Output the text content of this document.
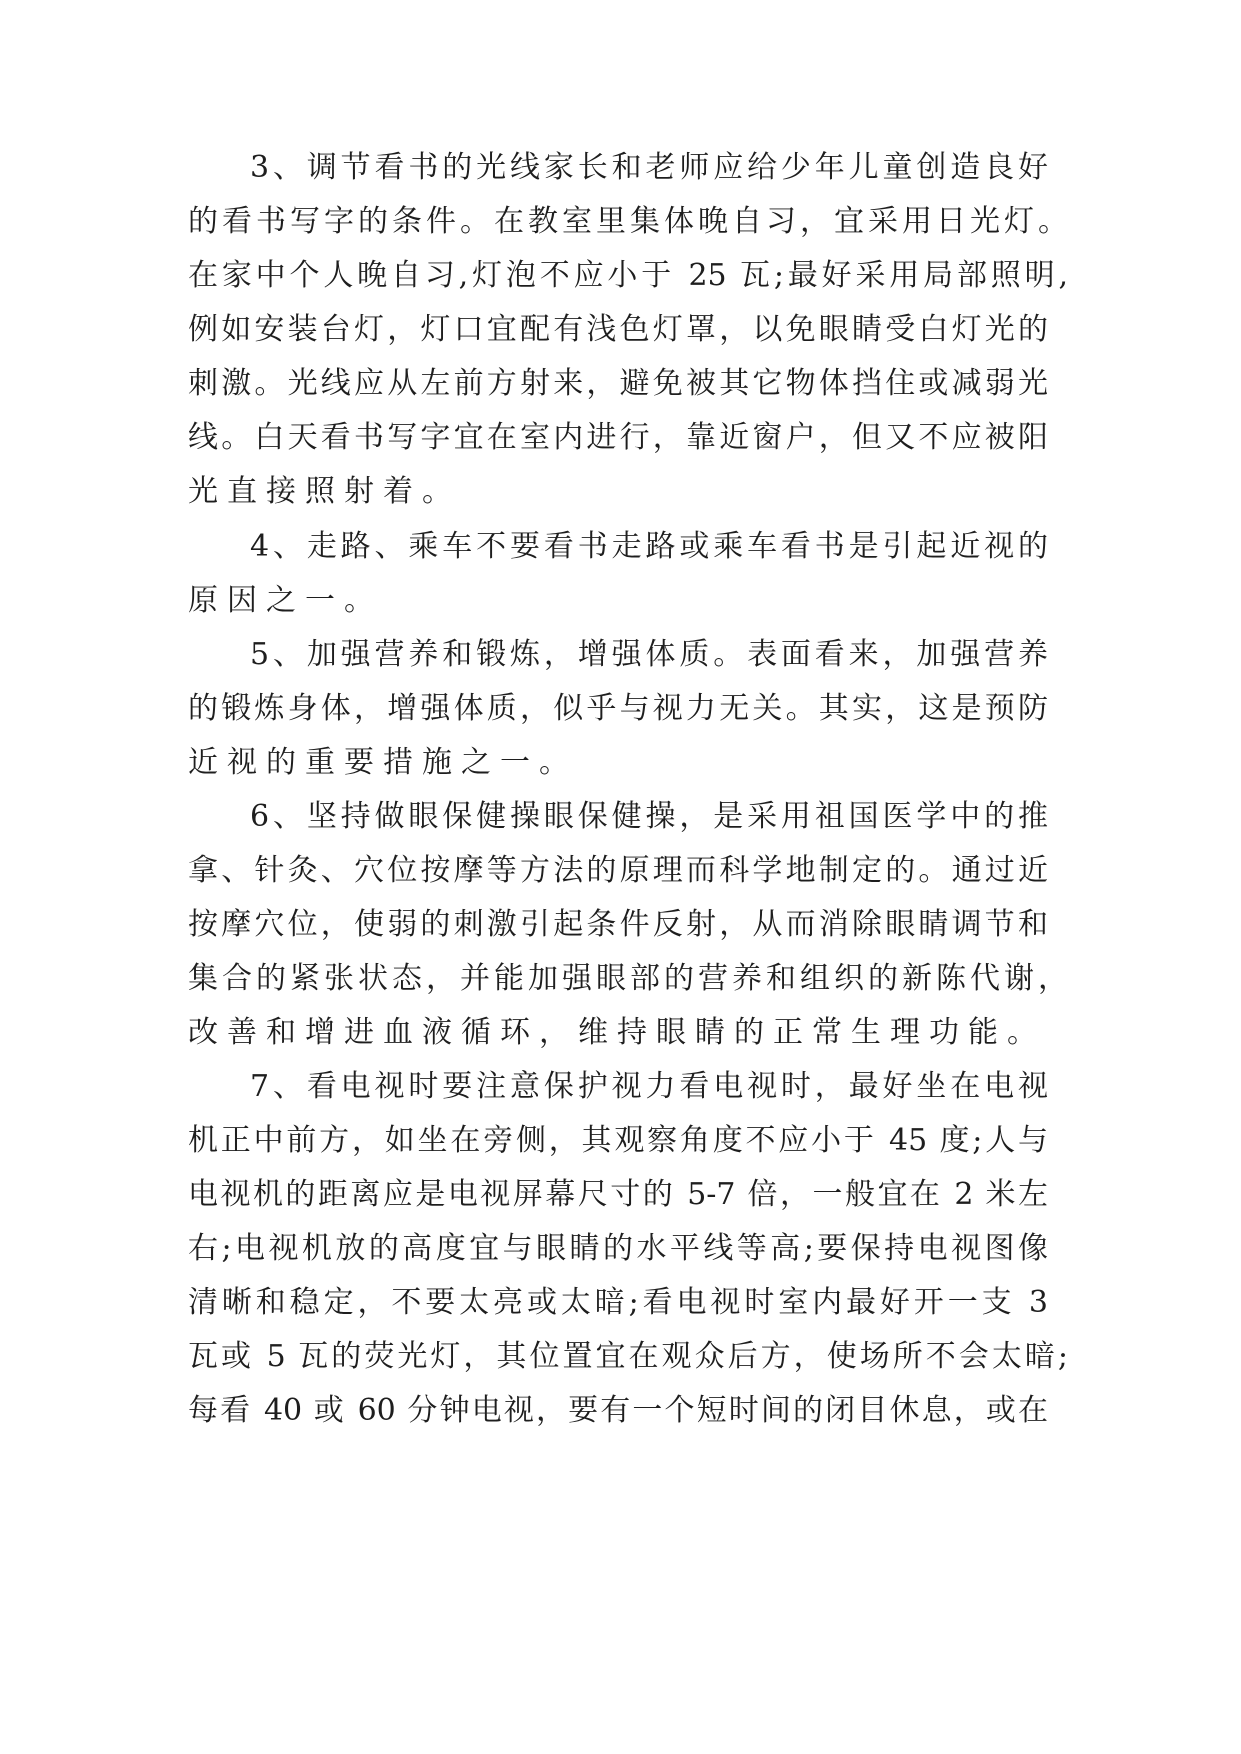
3、调节看书的光线家长和老师应给少年儿童创造良好
的看书写字的条件。在教室里集体晚自习，宜采用日光灯。
在家中个人晚自习,灯泡不应小于 25 瓦;最好采用局部照明,
例如安装台灯，灯口宜配有浅色灯罩，以免眼睛受白灯光的
刺激。光线应从左前方射来，避免被其它物体挡住或减弱光
线。白天看书写字宜在室内进行，靠近窗户，但又不应被阳
光直接照射着。
4、走路、乘车不要看书走路或乘车看书是引起近视的
原因之一。
5、加强营养和锻炼，增强体质。表面看来，加强营养
的锻炼身体，增强体质，似乎与视力无关。其实，这是预防
近视的重要措施之一。
6、坚持做眼保健操眼保健操，是采用祖国医学中的推
拿、针灸、穴位按摩等方法的原理而科学地制定的。通过近
按摩穴位，使弱的刺激引起条件反射，从而消除眼睛调节和
集合的紧张状态，并能加强眼部的营养和组织的新陈代谢，
改善和增进血液循环，维持眼睛的正常生理功能。
7、看电视时要注意保护视力看电视时，最好坐在电视
机正中前方，如坐在旁侧，其观察角度不应小于 45 度;人与
电视机的距离应是电视屏幕尺寸的 5-7 倍，一般宜在 2 米左
右;电视机放的高度宜与眼睛的水平线等高;要保持电视图像
清晰和稳定，不要太亮或太暗;看电视时室内最好开一支 3
瓦或 5 瓦的荧光灯，其位置宜在观众后方，使场所不会太暗;
每看 40 或 60 分钟电视，要有一个短时间的闭目休息，或在
